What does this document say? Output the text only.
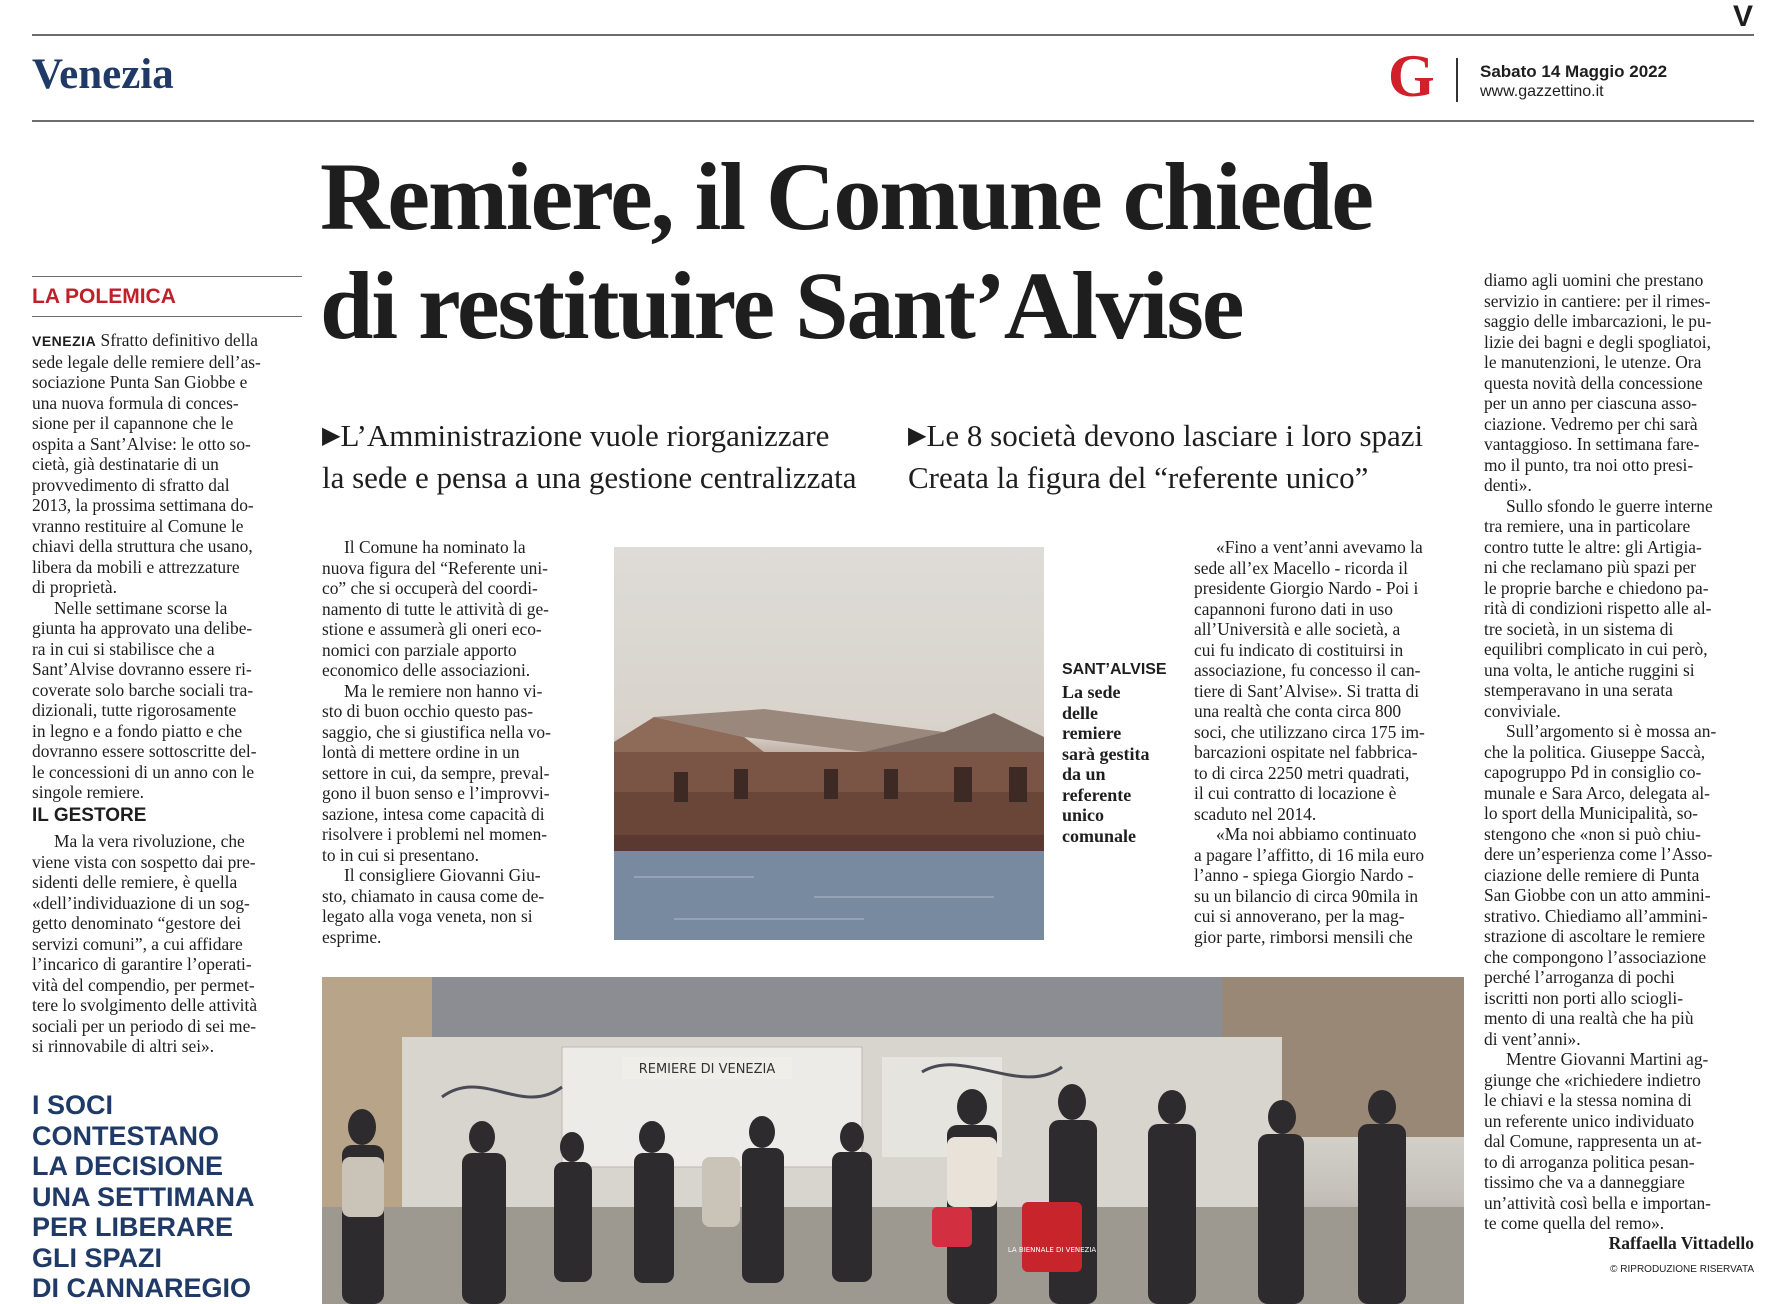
V
Venezia	G	Sabato 14 Maggio 2022
www.gazzettino.it
Remiere, il Comune chiede
di restituire Sant’Alvise
▶L’Amministrazione vuole riorganizzare
la sede e pensa a una gestione centralizzata
▶Le 8 società devono lasciare i loro spazi
Creata la figura del “referente unico”
LA POLEMICA

VENEZIA Sfratto definitivo della
sede legale delle remiere dell’as-
sociazione Punta San Giobbe e
una nuova formula di conces-
sione per il capannone che le
ospita a Sant’Alvise: le otto so-
cietà, già destinatarie di un
provvedimento di sfratto dal
2013, la prossima settimana do-
vranno restituire al Comune le
chiavi della struttura che usano,
libera da mobili e attrezzature
di proprietà.

Nelle settimane scorse la
giunta ha approvato una delibe-
ra in cui si stabilisce che a
Sant’Alvise dovranno essere ri-
coverate solo barche sociali tra-
dizionali, tutte rigorosamente
in legno e a fondo piatto e che
dovranno essere sottoscritte del-
le concessioni di un anno con le
singole remiere.

IL GESTORE

Ma la vera rivoluzione, che
viene vista con sospetto dai pre-
sidenti delle remiere, è quella
«dell’individuazione di un sog-
getto denominato “gestore dei
servizi comuni”, a cui affidare
l’incarico di garantire l’operati-
vità del compendio, per permet-
tere lo svolgimento delle attività
sociali per un periodo di sei me-
si rinnovabile di altri sei».

I SOCI CONTESTANO
LA DECISIONE
UNA SETTIMANA
PER LIBERARE
GLI SPAZI
DI CANNAREGIO

Il Comune ha nominato la
nuova figura del “Referente uni-
co” che si occuperà del coordi-
namento di tutte le attività di ge-
stione e assumerà gli oneri eco-
nomici con parziale apporto
economico delle associazioni.

Ma le remiere non hanno vi-
sto di buon occhio questo pas-
saggio, che si giustifica nella vo-
lontà di mettere ordine in un
settore in cui, da sempre, preval-
gono il buon senso e l’improvvi-
sazione, intesa come capacità di
risolvere i problemi nel momen-
to in cui si presentano.

Il consigliere Giovanni Giu-
sto, chiamato in causa come de-
legato alla voga veneta, non si
esprime.

SANT’ALVISE
La sede
delle
remiere
sarà gestita
da un
referente
unico
comunale

«Fino a vent’anni avevamo la
sede all’ex Macello - ricorda il
presidente Giorgio Nardo - Poi i
capannoni furono dati in uso
all’Università e alle società, a
cui fu indicato di costituirsi in
associazione, fu concesso il can-
tiere di Sant’Alvise». Si tratta di
una realtà che conta circa 800
soci, che utilizzano circa 175 im-
barcazioni ospitate nel fabbrica-
to di circa 2250 metri quadrati,
il cui contratto di locazione è
scaduto nel 2014.

«Ma noi abbiamo continuato
a pagare l’affitto, di 16 mila euro
l’anno - spiega Giorgio Nardo -
su un bilancio di circa 90mila in
cui si annoverano, per la mag-
gior parte, rimborsi mensili che

diamo agli uomini che prestano
servizio in cantiere: per il rimes-
saggio delle imbarcazioni, le pu-
lizie dei bagni e degli spogliatoi,
le manutenzioni, le utenze. Ora
questa novità della concessione
per un anno per ciascuna asso-
ciazione. Vedremo per chi sarà
vantaggioso. In settimana fare-
mo il punto, tra noi otto presi-
denti».

Sullo sfondo le guerre interne
tra remiere, una in particolare
contro tutte le altre: gli Artigia-
ni che reclamano più spazi per
le proprie barche e chiedono pa-
rità di condizioni rispetto alle al-
tre società, in un sistema di
equilibri complicato in cui però,
una volta, le antiche ruggini si
stemperavano in una serata
conviviale.

Sull’argomento si è mossa an-
che la politica. Giuseppe Saccà,
capogruppo Pd in consiglio co-
munale e Sara Arco, delegata al-
lo sport della Municipalità, so-
stengono che «non si può chiu-
dere un’esperienza come l’Asso-
ciazione delle remiere di Punta
San Giobbe con un atto ammini-
strativo. Chiediamo all’ammini-
strazione di ascoltare le remiere
che compongono l’associazione
perché l’arroganza di pochi
iscritti non porti allo sciogli-
mento di una realtà che ha più
di vent’anni».

Mentre Giovanni Martini ag-
giunge che «richiedere indietro
le chiavi e la stessa nomina di
un referente unico individuato
dal Comune, rappresenta un at-
to di arroganza politica pesan-
tissimo che va a danneggiare
un’attività così bella e importan-
te come quella del remo».

Raffaella Vittadello
© RIPRODUZIONE RISERVATA
REMIERE DI VENEZIA
LA BIENNALE DI VENEZIA
